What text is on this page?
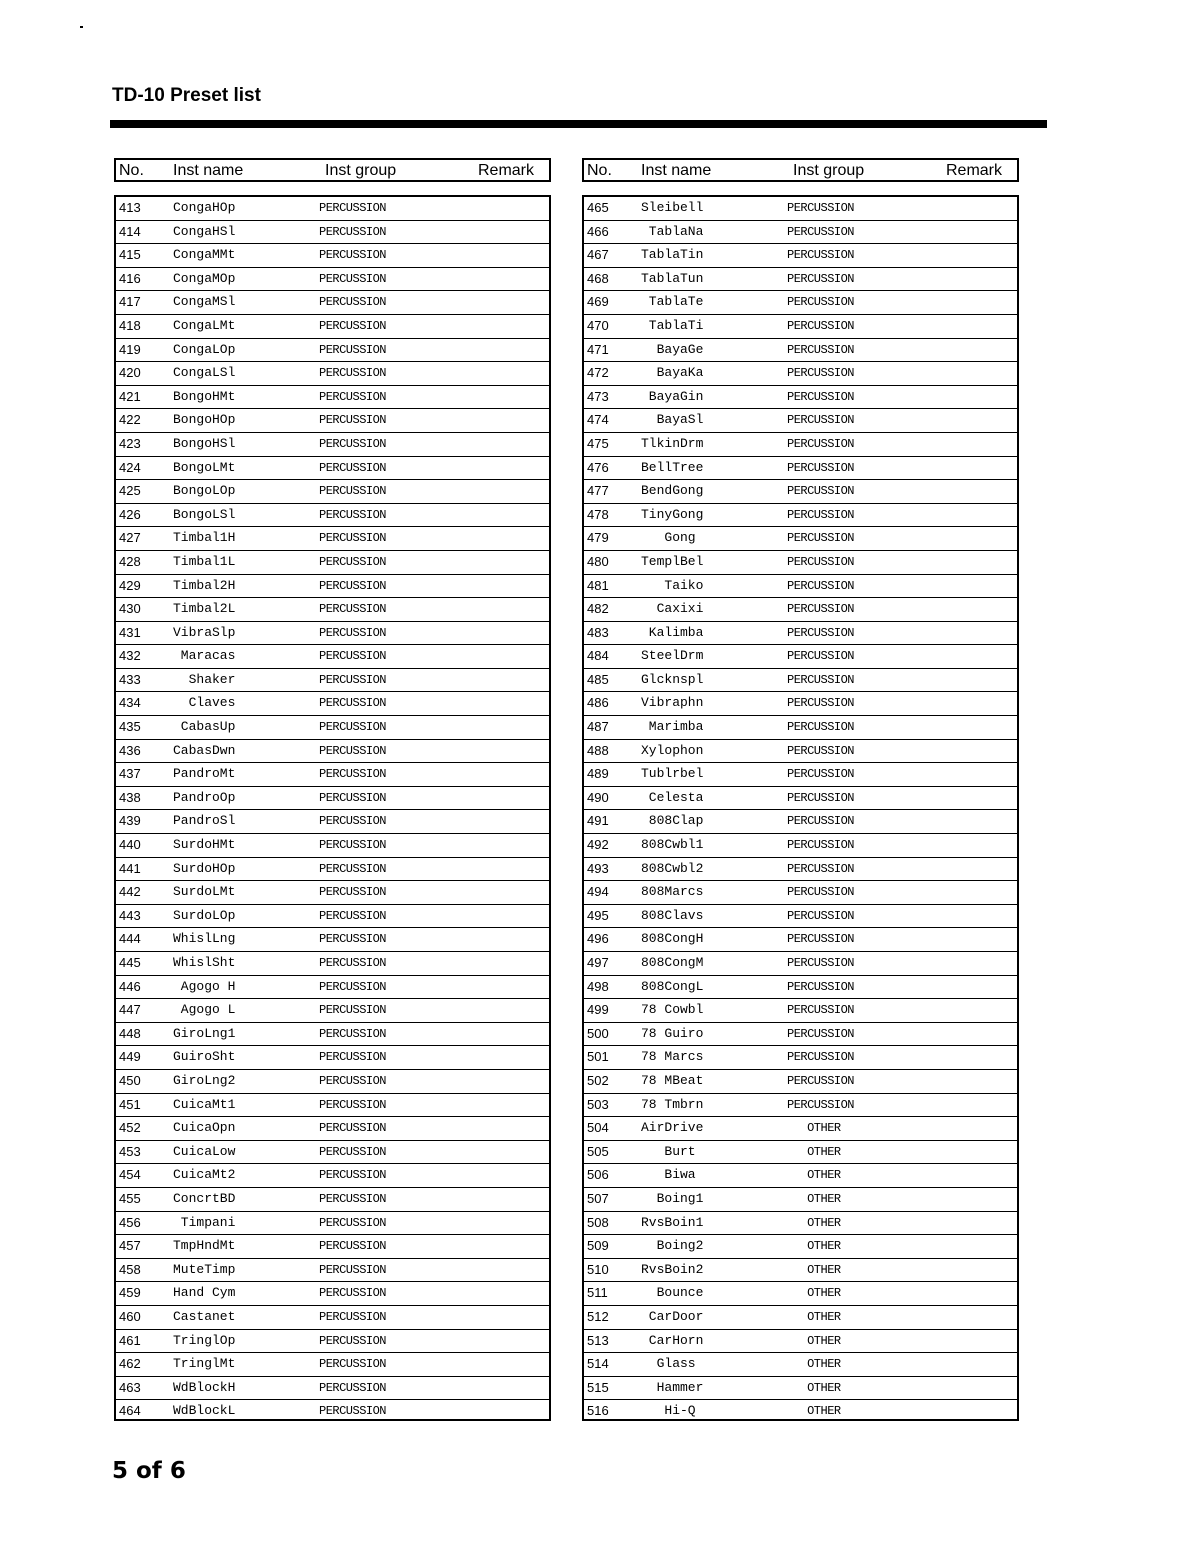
TD-10 Preset list
No. Inst name	Inst group	Remark
413 CongaHOp	PERCUSSION
414 CongaHSl	PERCUSSION
415 CongaMMt	PERCUSSION
416 CongaMOp	PERCUSSION
417 CongaMSl	PERCUSSION
418 CongaLMt	PERCUSSION
419 CongaLOp	PERCUSSION
420 CongaLSl	PERCUSSION
421 BongoHMt	PERCUSSION
422 BongoHOp	PERCUSSION
423 BongoHSl	PERCUSSION
424 BongoLMt	PERCUSSION
425 BongoLOp	PERCUSSION
426 BongoLSl	PERCUSSION
427 Timbal1H	PERCUSSION
428 Timbal1L	PERCUSSION
429 Timbal2H	PERCUSSION
430 Timbal2L	PERCUSSION
431 VibraSlp	PERCUSSION
432 Maracas	PERCUSSION
433 Shaker	PERCUSSION
434 Claves	PERCUSSION
435 CabasUp	PERCUSSION
436 CabasDwn	PERCUSSION
437 PandroMt	PERCUSSION
438 PandroOp	PERCUSSION
439 PandroSl	PERCUSSION
440 SurdoHMt	PERCUSSION
441 SurdoHOp	PERCUSSION
442 SurdoLMt	PERCUSSION
443 SurdoLOp	PERCUSSION
444 WhislLng	PERCUSSION
445 WhislSht	PERCUSSION
446 Agogo H	PERCUSSION
447 Agogo L	PERCUSSION
448 GiroLng1	PERCUSSION
449 GuiroSht	PERCUSSION
450 GiroLng2	PERCUSSION
451 CuicaMt1	PERCUSSION
452 CuicaOpn	PERCUSSION
453 CuicaLow	PERCUSSION
454 CuicaMt2	PERCUSSION
455 ConcrtBD	PERCUSSION
456 Timpani	PERCUSSION
457 TmpHndMt	PERCUSSION
458 MuteTimp	PERCUSSION
459 Hand Cym	PERCUSSION
460 Castanet	PERCUSSION
461 TringlOp	PERCUSSION
462 TringlMt	PERCUSSION
463 WdBlockH	PERCUSSION
464 WdBlockL	PERCUSSION
No. Inst name	Inst group	Remark
465 Sleibell	PERCUSSION
466 TablaNa	PERCUSSION
467 TablaTin	PERCUSSION
468 TablaTun	PERCUSSION
469 TablaTe	PERCUSSION
470 TablaTi	PERCUSSION
471 BayaGe	PERCUSSION
472 BayaKa	PERCUSSION
473 BayaGin	PERCUSSION
474 BayaSl	PERCUSSION
475 TlkinDrm	PERCUSSION
476 BellTree	PERCUSSION
477 BendGong	PERCUSSION
478 TinyGong	PERCUSSION
479 Gong	PERCUSSION
480 TemplBel	PERCUSSION
481 Taiko	PERCUSSION
482 Caxixi	PERCUSSION
483 Kalimba	PERCUSSION
484 SteelDrm	PERCUSSION
485 Glcknspl	PERCUSSION
486 Vibraphn	PERCUSSION
487 Marimba	PERCUSSION
488 Xylophon	PERCUSSION
489 Tublrbel	PERCUSSION
490 Celesta	PERCUSSION
491 808Clap	PERCUSSION
492 808Cwbl1	PERCUSSION
493 808Cwbl2	PERCUSSION
494 808Marcs	PERCUSSION
495 808Clavs	PERCUSSION
496 808CongH	PERCUSSION
497 808CongM	PERCUSSION
498 808CongL	PERCUSSION
499 78 Cowbl	PERCUSSION
500 78 Guiro	PERCUSSION
501 78 Marcs	PERCUSSION
502 78 MBeat	PERCUSSION
503 78 Tmbrn	PERCUSSION
504 AirDrive	OTHER
505 Burt	OTHER
506 Biwa	OTHER
507 Boing1	OTHER
508 RvsBoin1	OTHER
509 Boing2	OTHER
510 RvsBoin2	OTHER
511	Bounce	OTHER
512 CarDoor	OTHER
513 CarHorn	OTHER
514 Glass	OTHER
515 Hammer	OTHER
516 Hi-Q	OTHER

5 of 6
